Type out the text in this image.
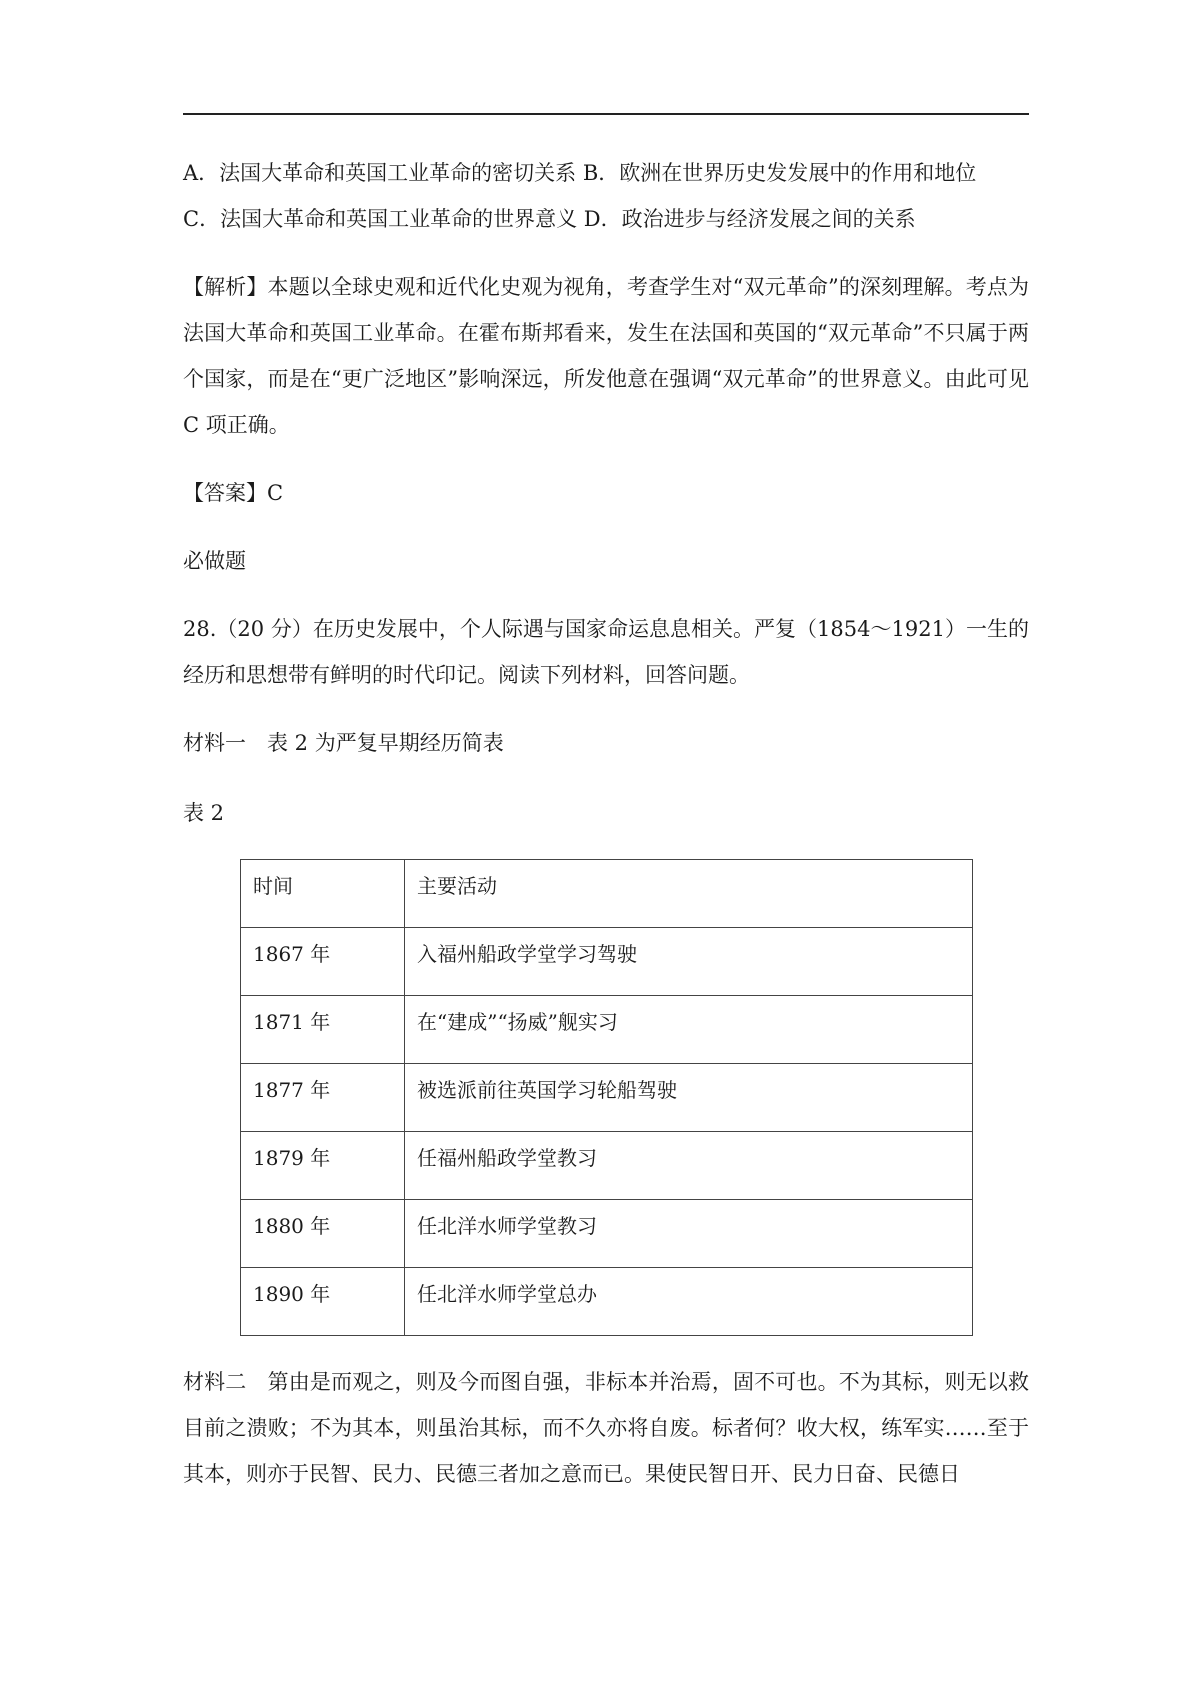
A．法国大革命和英国工业革命的密切关系 B．欧洲在世界历史发发展中的作用和地位

C．法国大革命和英国工业革命的世界意义 D．政治进步与经济发展之间的关系

【解析】本题以全球史观和近代化史观为视角，考查学生对“双元革命”的深刻理解。考点为法国大革命和英国工业革命。在霍布斯邦看来，发生在法国和英国的“双元革命”不只属于两个国家，而是在“更广泛地区”影响深远，所发他意在强调“双元革命”的世界意义。由此可见 C 项正确。

【答案】C

必做题

28.（20 分）在历史发展中，个人际遇与国家命运息息相关。严复（1854～1921）一生的经历和思想带有鲜明的时代印记。阅读下列材料，回答问题。

材料一　表 2 为严复早期经历简表

表 2

时间	主要活动
1867 年	入福州船政学堂学习驾驶
1871 年	在“建成”“扬威”舰实习
1877 年	被选派前往英国学习轮船驾驶
1879 年	任福州船政学堂教习
1880 年	任北洋水师学堂教习
1890 年	任北洋水师学堂总办

材料二　第由是而观之，则及今而图自强，非标本并治焉，固不可也。不为其标，则无以救目前之溃败；不为其本，则虽治其标，而不久亦将自废。标者何？收大权，练军实……至于其本，则亦于民智、民力、民德三者加之意而已。果使民智日开、民力日奋、民德日
